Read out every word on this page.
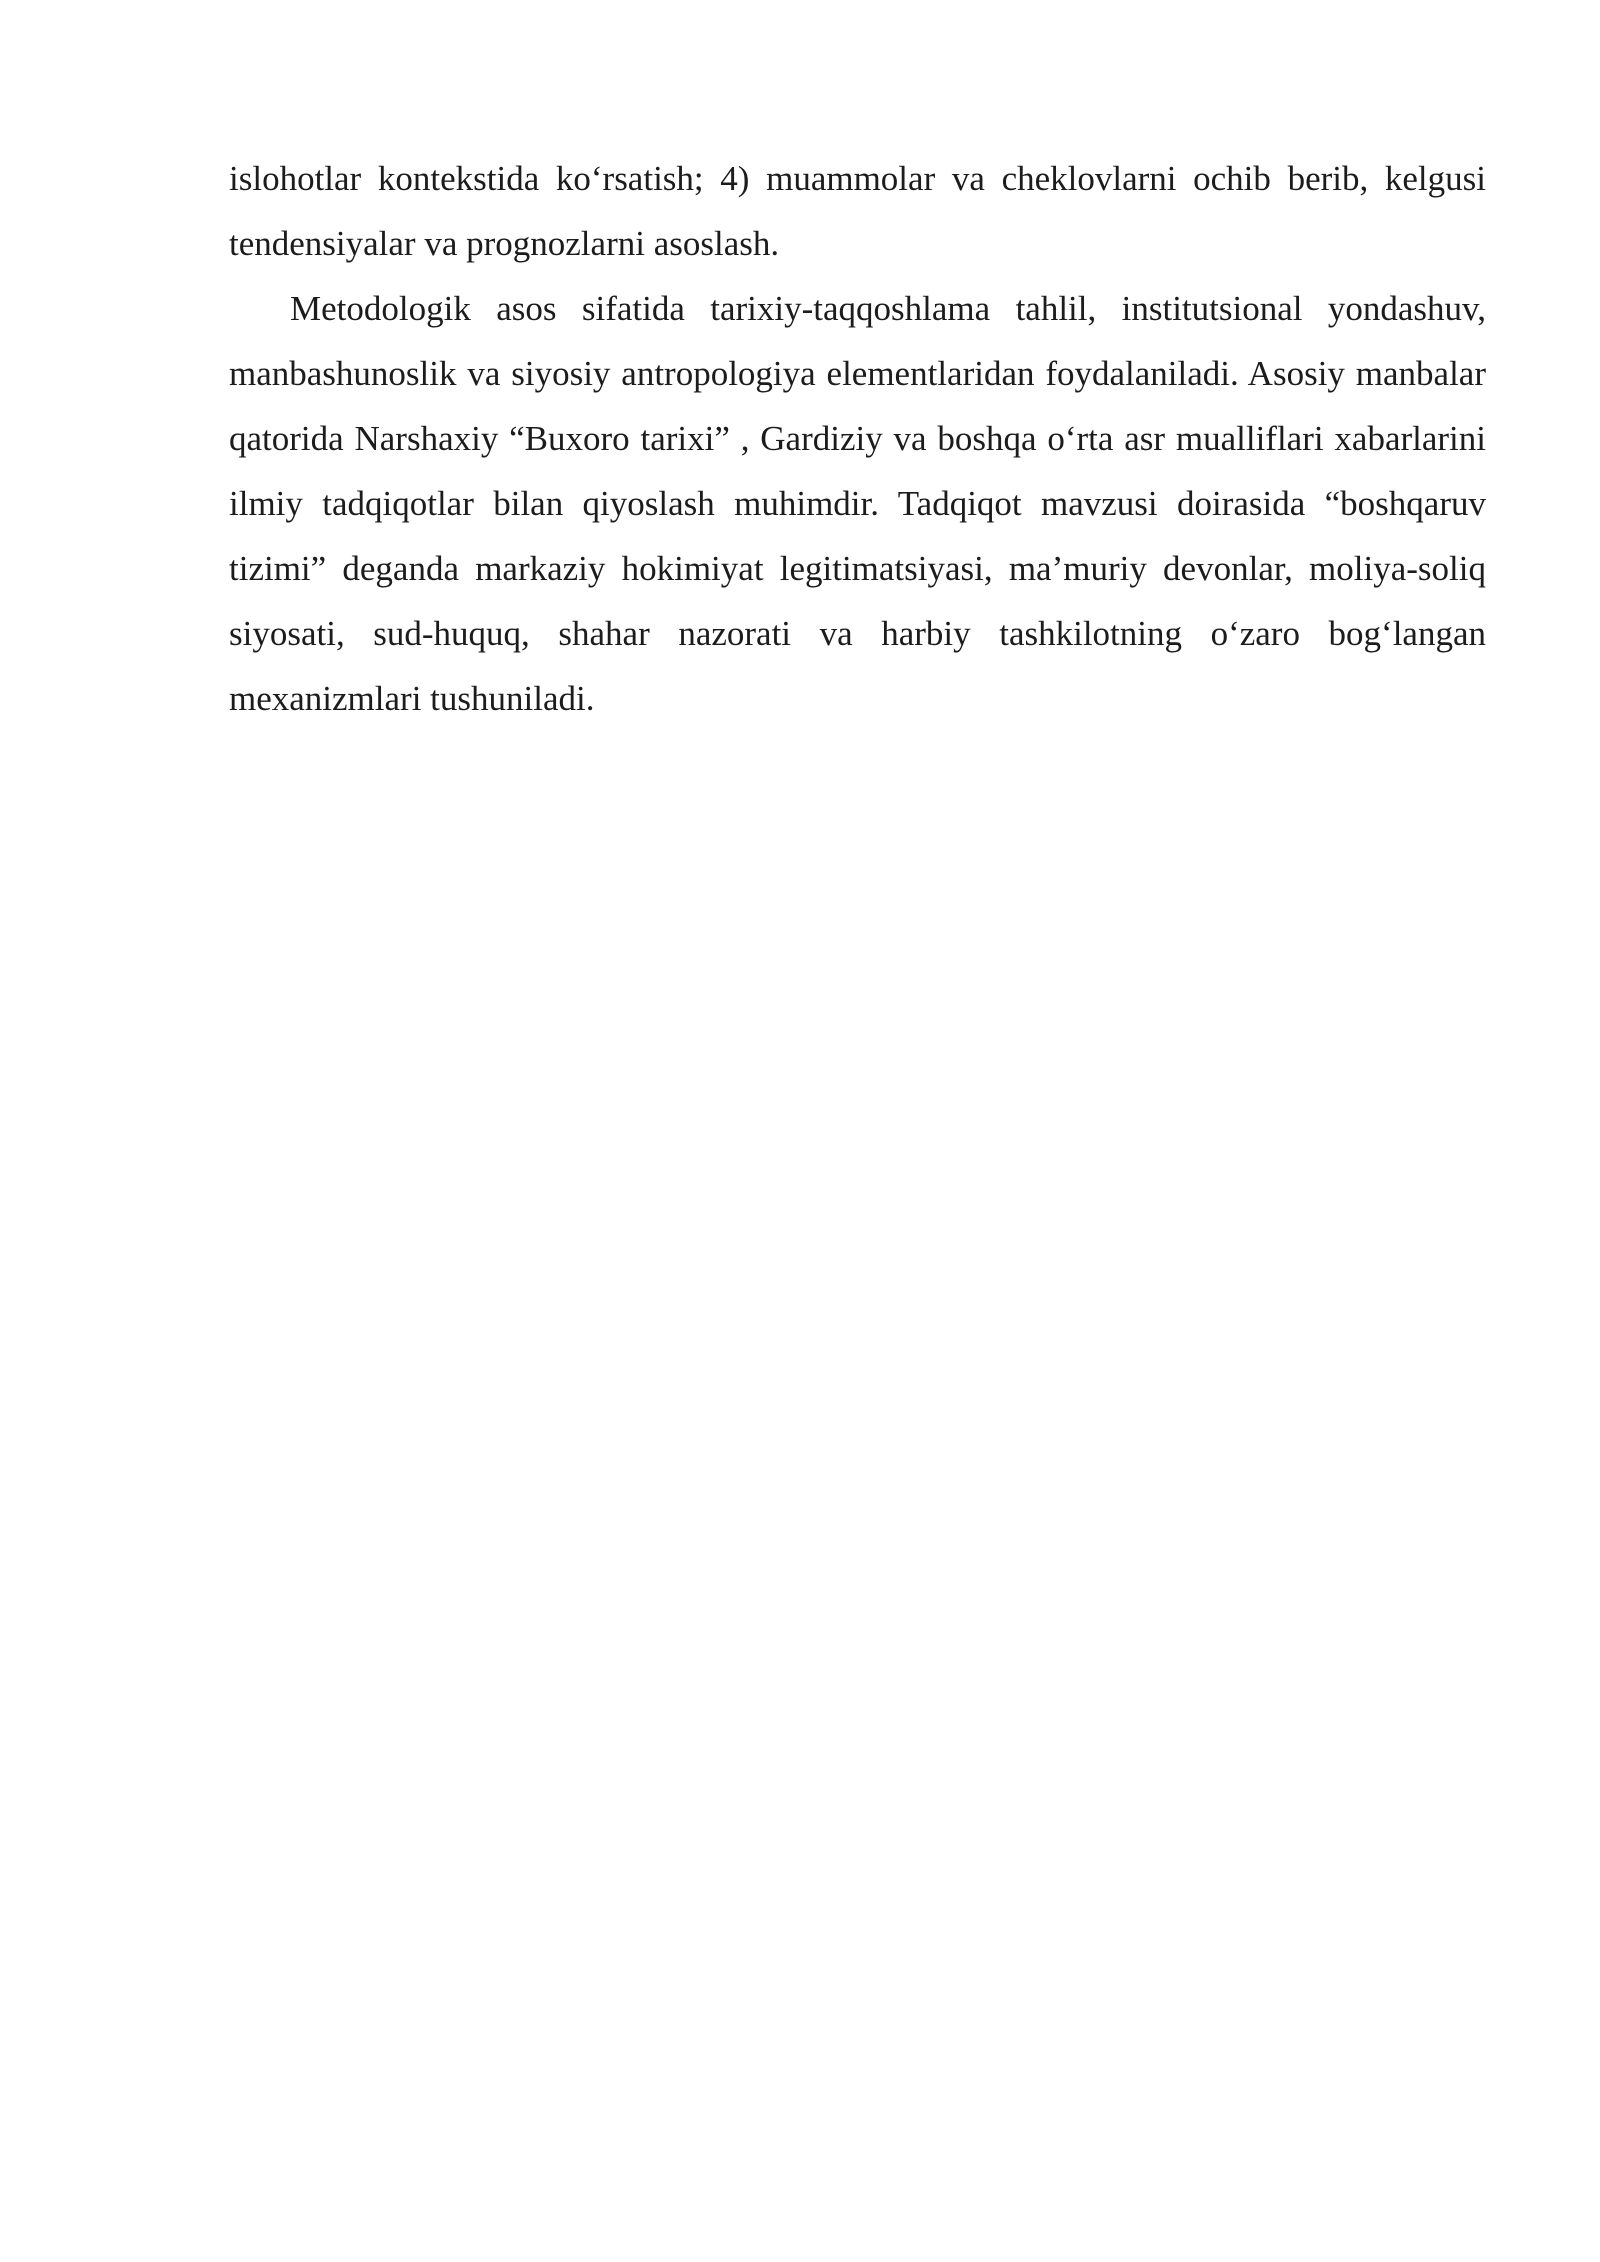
islohotlar kontekstida ko‘rsatish; 4) muammolar va cheklovlarni ochib berib, kelgusi tendensiyalar va prognozlarni asoslash.

Metodologik asos sifatida tarixiy-taqqoshlama tahlil, institutsional yondashuv, manbashunoslik va siyosiy antropologiya elementlaridan foydalaniladi. Asosiy manbalar qatorida Narshaxiy “Buxoro tarixi” , Gardiziy va boshqa o‘rta asr mualliflari xabarlarini ilmiy tadqiqotlar bilan qiyoslash muhimdir. Tadqiqot mavzusi doirasida “boshqaruv tizimi” deganda markaziy hokimiyat legitimatsiyasi, ma’muriy devonlar, moliya-soliq siyosati, sud-huquq, shahar nazorati va harbiy tashkilotning o‘zaro bog‘langan mexanizmlari tushuniladi.
